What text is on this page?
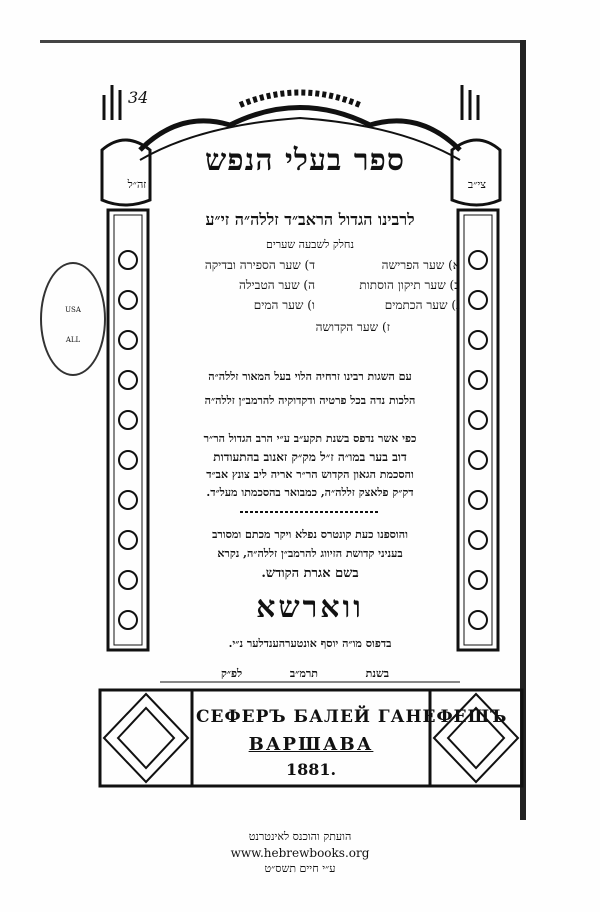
34
ספר בעלי הנפש
זה״ל	צי״ב
לרבינו הגדול הראב״ד זללה״ה זי״ע
נחלק לשבעה שערים
א) שער הפרישה
ב) שער תיקון הוסתות
ג) שער הכתמים
ד) שער הספירה ובדיקה
ה) שער הטבילה
ו) שער המים
ז) שער הקדושה
עם השגות רבינו זרחיה הלוי בעל המאור זללה״ה
הלכות נדה בכל פרטיה ודקדוקיה להרמב״ן זללה״ה
כפי אשר נדפס בשנת תקע״ב ע״י הרב הגדול הר״ר
דוב בער במו״ה ז״ל מק״ק זאנוב בהתעודות
והסכמת הגאון הקדוש הר״ר אריה ליב צונץ אב״ד
דק״ק פלאצק זללה״ה, כמבואר בהסכמתו מעל״ד.
והוספנו כעת קונטרס נפלא ויקר מכתם ומסורב
בעניני קדושת הזיווג להרמב״ן זללה״ה, נקרא
בשם אגרת הקודש.
ווארשא
בדפוס מו״ה יוסף אונטערהענדלער נ״י.
בשנת  תרמ״ב  לפ״ק
СЕФЕРЪ БАЛЕЙ ГАНЕФЕШЪ
ВАРШАВА
1881.
USA
ALL
הועתק והוכנס לאינטרנט
www.hebrewbooks.org
ע״י חיים תשס״ט
